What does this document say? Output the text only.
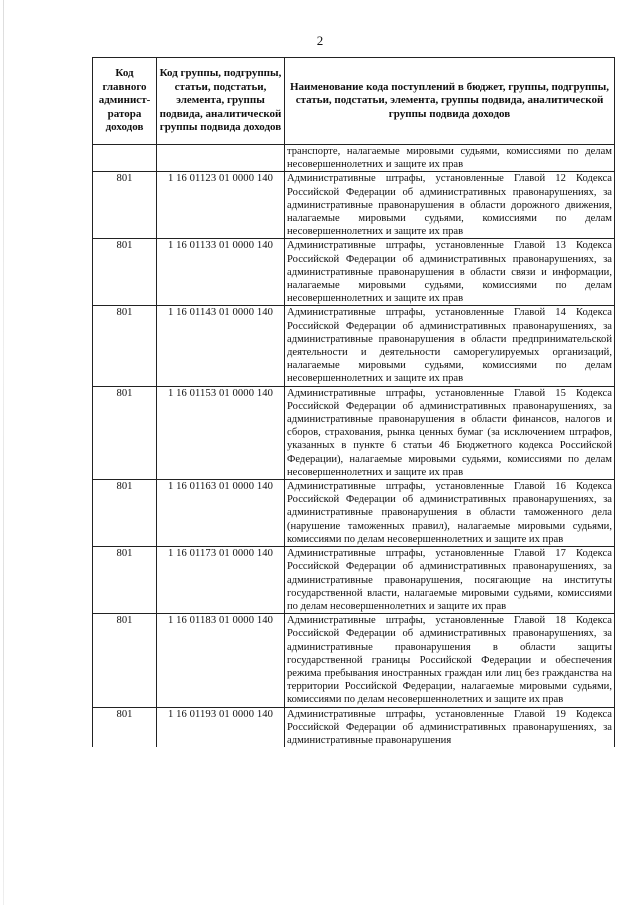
2
Код главного админист-ратора доходов	Код группы, подгруппы, статьи, подстатьи, элемента, группы подвида, аналитической группы подвида доходов	Наименование кода поступлений в бюджет, группы, подгруппы, статьи, подстатьи, элемента, группы подвида, аналитической группы подвида доходов
		транспорте, налагаемые мировыми судьями, комиссиями по делам несовершеннолетних и защите их прав
801	1 16 01123 01 0000 140	Административные штрафы, установленные Главой 12 Кодекса Российской Федерации об административных правонарушениях, за административные правонарушения в области дорожного движения, налагаемые мировыми судьями, комиссиями по делам несовершеннолетних и защите их прав
801	1 16 01133 01 0000 140	Административные штрафы, установленные Главой 13 Кодекса Российской Федерации об административных правонарушениях, за административные правонарушения в области связи и информации, налагаемые мировыми судьями, комиссиями по делам несовершеннолетних и защите их прав
801	1 16 01143 01 0000 140	Административные штрафы, установленные Главой 14 Кодекса Российской Федерации об административных правонарушениях, за административные правонарушения в области предпринимательской деятельности и деятельности саморегулируемых организаций, налагаемые мировыми судьями, комиссиями по делам несовершеннолетних и защите их прав
801	1 16 01153 01 0000 140	Административные штрафы, установленные Главой 15 Кодекса Российской Федерации об административных правонарушениях, за административные правонарушения в области финансов, налогов и сборов, страхования, рынка ценных бумаг (за исключением штрафов, указанных в пункте 6 статьи 46 Бюджетного кодекса Российской Федерации), налагаемые мировыми судьями, комиссиями по делам несовершеннолетних и защите их прав
801	1 16 01163 01 0000 140	Административные штрафы, установленные Главой 16 Кодекса Российской Федерации об административных правонарушениях, за административные правонарушения в области таможенного дела (нарушение таможенных правил), налагаемые мировыми судьями, комиссиями по делам несовершеннолетних и защите их прав
801	1 16 01173 01 0000 140	Административные штрафы, установленные Главой 17 Кодекса Российской Федерации об административных правонарушениях, за административные правонарушения, посягающие на институты государственной власти, налагаемые мировыми судьями, комиссиями по делам несовершеннолетних и защите их прав
801	1 16 01183 01 0000 140	Административные штрафы, установленные Главой 18 Кодекса Российской Федерации об административных правонарушениях, за административные правонарушения в области защиты государственной границы Российской Федерации и обеспечения режима пребывания иностранных граждан или лиц без гражданства на территории Российской Федерации, налагаемые мировыми судьями, комиссиями по делам несовершеннолетних и защите их прав
801	1 16 01193 01 0000 140	Административные штрафы, установленные Главой 19 Кодекса Российской Федерации об административных правонарушениях, за административные правонарушения
